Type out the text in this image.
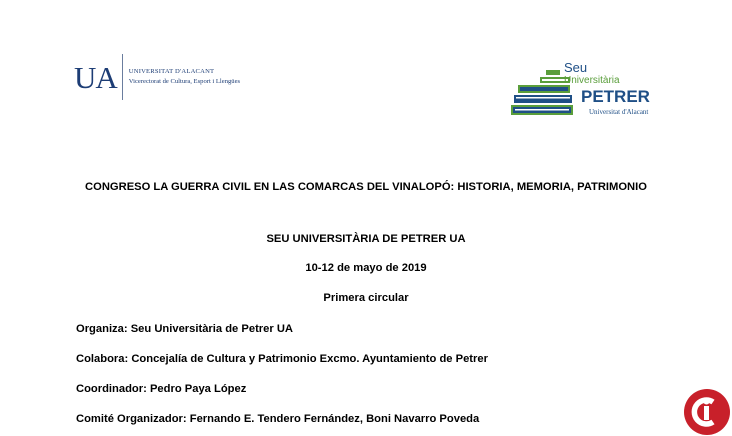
UA UNIVERSITAT D'ALACANT
Vicerectorat de Cultura, Esport i Llengües
Seu
Universitària
PETRER
Universitat d'Alacant
CONGRESO LA GUERRA CIVIL EN LAS COMARCAS DEL VINALOPÓ: HISTORIA, MEMORIA, PATRIMONIO
SEU UNIVERSITÀRIA DE PETRER UA
10-12 de mayo de 2019
Primera circular
Organiza: Seu Universitària de Petrer UA
Colabora: Concejalía de Cultura y Patrimonio Excmo. Ayuntamiento de Petrer
Coordinador: Pedro Paya López
Comité Organizador: Fernando E. Tendero Fernández, Boni Navarro Poveda
